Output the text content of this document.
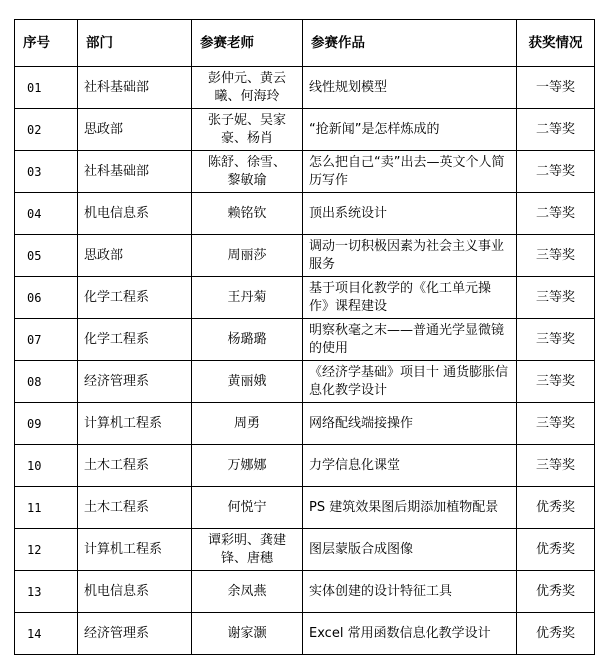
序号	部门	参赛老师	参赛作品	获奖情况
01	社科基础部	彭仲元、黄云曦、何海玲	线性规划模型	一等奖
02	思政部	张子妮、吴家豪、杨肖	“抢新闻”是怎样炼成的	二等奖
03	社科基础部	陈舒、徐雪、黎敏瑜	怎么把自己“卖”出去—英文个人简历写作	二等奖
04	机电信息系	赖铭钦	顶出系统设计	二等奖
05	思政部	周丽莎	调动一切积极因素为社会主义事业服务	三等奖
06	化学工程系	王丹菊	基于项目化教学的《化工单元操作》课程建设	三等奖
07	化学工程系	杨璐璐	明察秋毫之末——普通光学显微镜的使用	三等奖
08	经济管理系	黄丽娥	《经济学基础》项目十 通货膨胀信息化教学设计	三等奖
09	计算机工程系	周勇	网络配线端接操作	三等奖
10	土木工程系	万娜娜	力学信息化课堂	三等奖
11	土木工程系	何悦宁	PS 建筑效果图后期添加植物配景	优秀奖
12	计算机工程系	谭彩明、龚建锋、唐穗	图层蒙版合成图像	优秀奖
13	机电信息系	余凤燕	实体创建的设计特征工具	优秀奖
14	经济管理系	谢家灏	Excel 常用函数信息化教学设计	优秀奖
